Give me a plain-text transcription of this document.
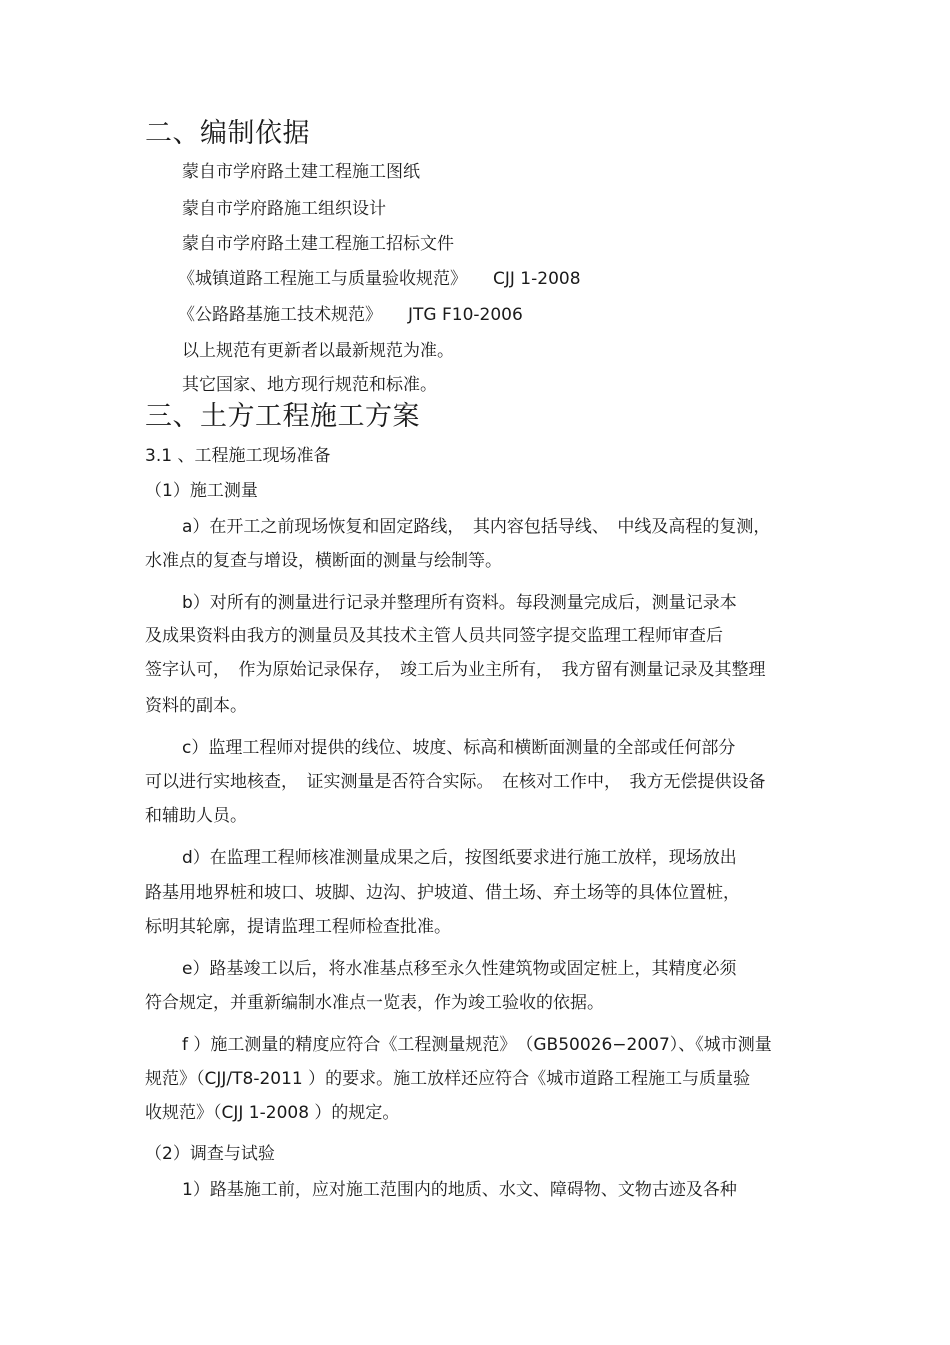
二、编制依据
蒙自市学府路土建工程施工图纸
蒙自市学府路施工组织设计
蒙自市学府路土建工程施工招标文件
《城镇道路工程施工与质量验收规范》 CJJ 1-2008
《公路路基施工技术规范》 JTG F10-2006
以上规范有更新者以最新规范为准。
其它国家、地方现行规范和标准。
三、土方工程施工方案
3.1 、工程施工现场准备
（1）施工测量
a）在开工之前现场恢复和固定路线，　其内容包括导线、　中线及高程的复测，
水准点的复查与增设，横断面的测量与绘制等。
b）对所有的测量进行记录并整理所有资料。每段测量完成后，测量记录本
及成果资料由我方的测量员及其技术主管人员共同签字提交监理工程师审查后
签字认可，　作为原始记录保存，　竣工后为业主所有，　我方留有测量记录及其整理
资料的副本。
c）监理工程师对提供的线位、坡度、标高和横断面测量的全部或任何部分
可以进行实地核查，　证实测量是否符合实际。　在核对工作中，　我方无偿提供设备
和辅助人员。
d）在监理工程师核准测量成果之后，按图纸要求进行施工放样，现场放出
路基用地界桩和坡口、坡脚、边沟、护坡道、借土场、弃土场等的具体位置桩，
标明其轮廓，提请监理工程师检查批准。
e）路基竣工以后，将水准基点移至永久性建筑物或固定桩上，其精度必须
符合规定，并重新编制水准点一览表，作为竣工验收的依据。
f ）施工测量的精度应符合《工程测量规范》　（GB50026−2007）、《城市测量
规范》（CJJ/T8-2011 ）的要求。施工放样还应符合《城市道路工程施工与质量验
收规范》（CJJ 1-2008 ）的规定。
（2）调查与试验
1）路基施工前，应对施工范围内的地质、水文、障碍物、文物古迹及各种
